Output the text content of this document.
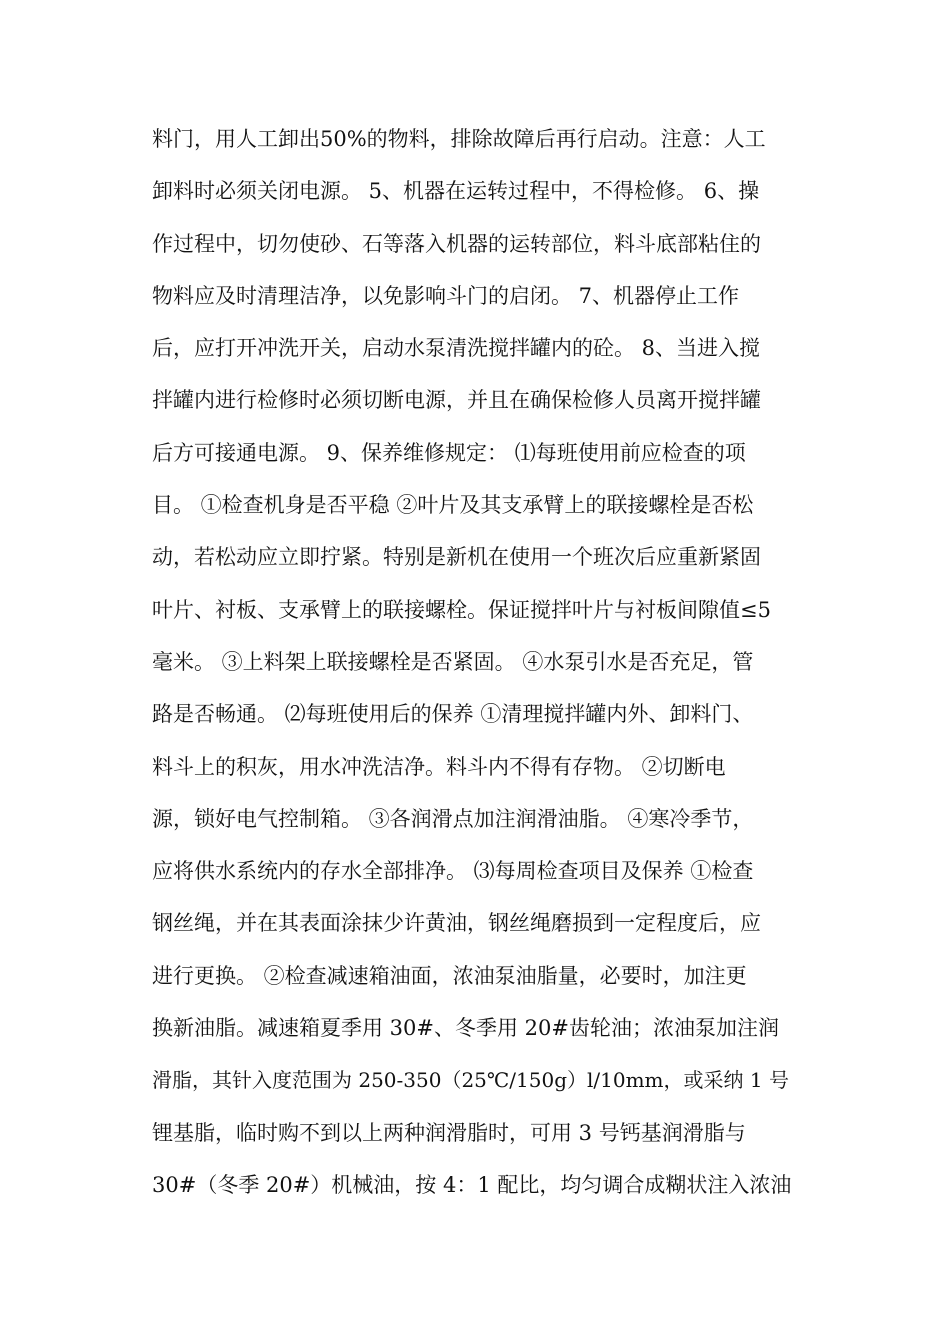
料门，用人工卸出50%的物料，排除故障后再行启动。注意：人工
卸料时必须关闭电源。 5、机器在运转过程中，不得检修。 6、操
作过程中，切勿使砂、石等落入机器的运转部位，料斗底部粘住的
物料应及时清理洁净，以免影响斗门的启闭。 7、机器停止工作
后，应打开冲洗开关，启动水泵清洗搅拌罐内的砼。 8、当进入搅
拌罐内进行检修时必须切断电源，并且在确保检修人员离开搅拌罐
后方可接通电源。 9、保养维修规定： ⑴每班使用前应检查的项
目。 ①检查机身是否平稳 ②叶片及其支承臂上的联接螺栓是否松
动，若松动应立即拧紧。特别是新机在使用一个班次后应重新紧固
叶片、衬板、支承臂上的联接螺栓。保证搅拌叶片与衬板间隙值≤5
毫米。 ③上料架上联接螺栓是否紧固。 ④水泵引水是否充足，管
路是否畅通。 ⑵每班使用后的保养 ①清理搅拌罐内外、卸料门、
料斗上的积灰，用水冲洗洁净。料斗内不得有存物。 ②切断电
源，锁好电气控制箱。 ③各润滑点加注润滑油脂。 ④寒冷季节，
应将供水系统内的存水全部排净。 ⑶每周检查项目及保养 ①检查
钢丝绳，并在其表面涂抹少许黄油，钢丝绳磨损到一定程度后，应
进行更换。 ②检查减速箱油面，浓油泵油脂量，必要时，加注更
换新油脂。减速箱夏季用 30#、冬季用 20#齿轮油；浓油泵加注润
滑脂，其针入度范围为 250-350（25℃/150g）l/10mm，或采纳 1 号
锂基脂，临时购不到以上两种润滑脂时，可用 3 号钙基润滑脂与
30#（冬季 20#）机械油，按 4：1 配比，均匀调合成糊状注入浓油
